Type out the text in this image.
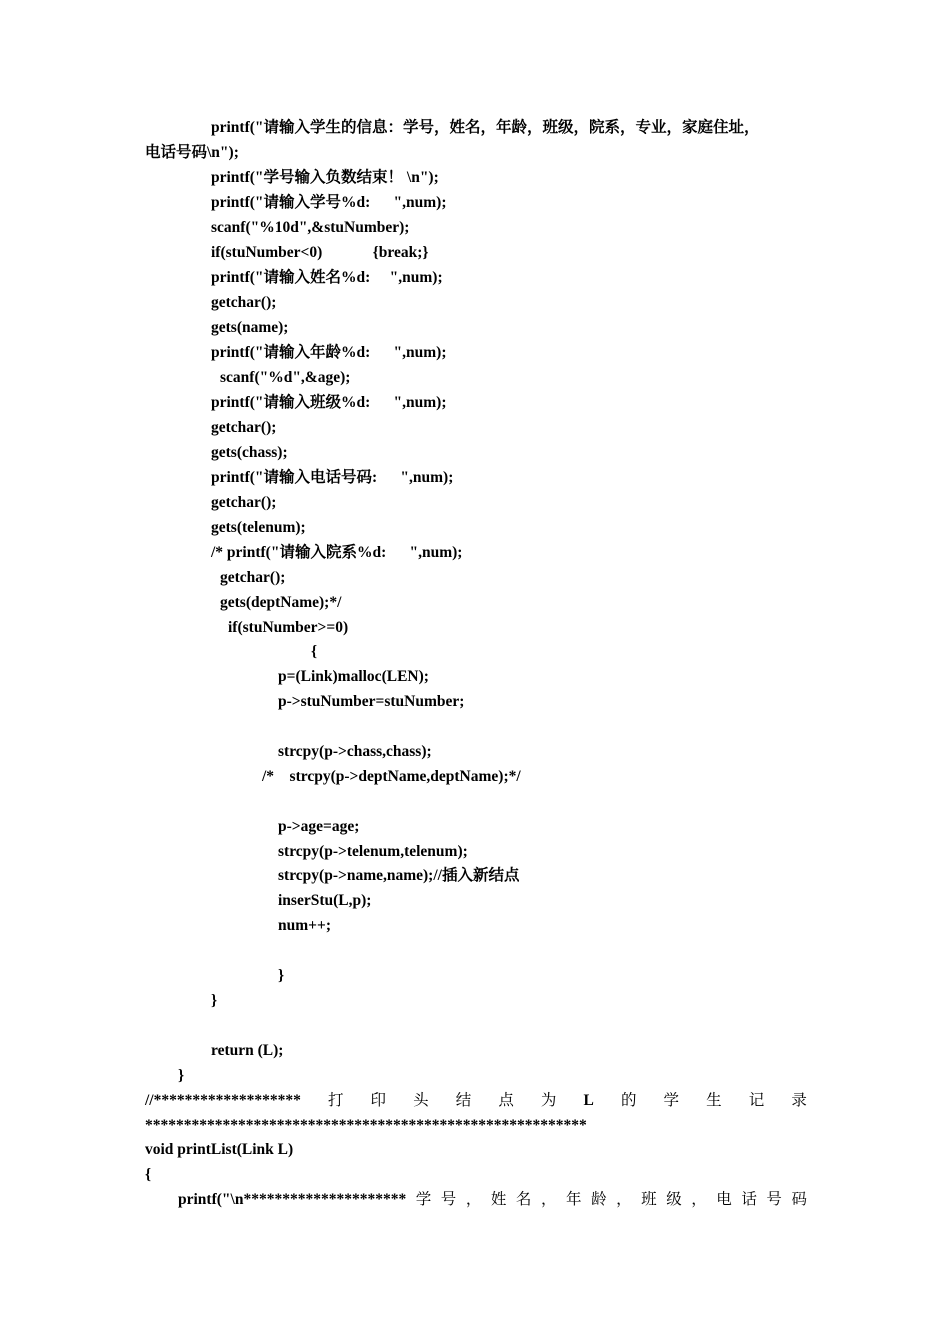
printf("请输入学生的信息：学号，姓名，年龄，班级，院系，专业，家庭住址，
电话号码\n");
printf("学号输入负数结束！ \n");
printf("请输入学号%d:      ",num);
scanf("%10d",&stuNumber);
if(stuNumber<0)             {break;}
printf("请输入姓名%d:     ",num);
getchar();
gets(name);
printf("请输入年龄%d:      ",num);
scanf("%d",&age);
printf("请输入班级%d:      ",num);
getchar();
gets(chass);
printf("请输入电话号码:      ",num);
getchar();
gets(telenum);
/* printf("请输入院系%d:      ",num);
getchar();
gets(deptName);*/
if(stuNumber>=0)
{
p=(Link)malloc(LEN);
p->stuNumber=stuNumber;
strcpy(p->chass,chass);
/*    strcpy(p->deptName,deptName);*/
p->age=age;
strcpy(p->telenum,telenum);
strcpy(p->name,name);//插入新结点
inserStu(L,p);
num++;
}
}
return (L);
}
//******************* 打 印 头 结 点 为 L 的 学 生 记 录
*********************************************************
void printList(Link L)
{
printf("\n********************* 学 号 ， 姓 名 ， 年 龄 ， 班 级 ， 电 话 号 码
